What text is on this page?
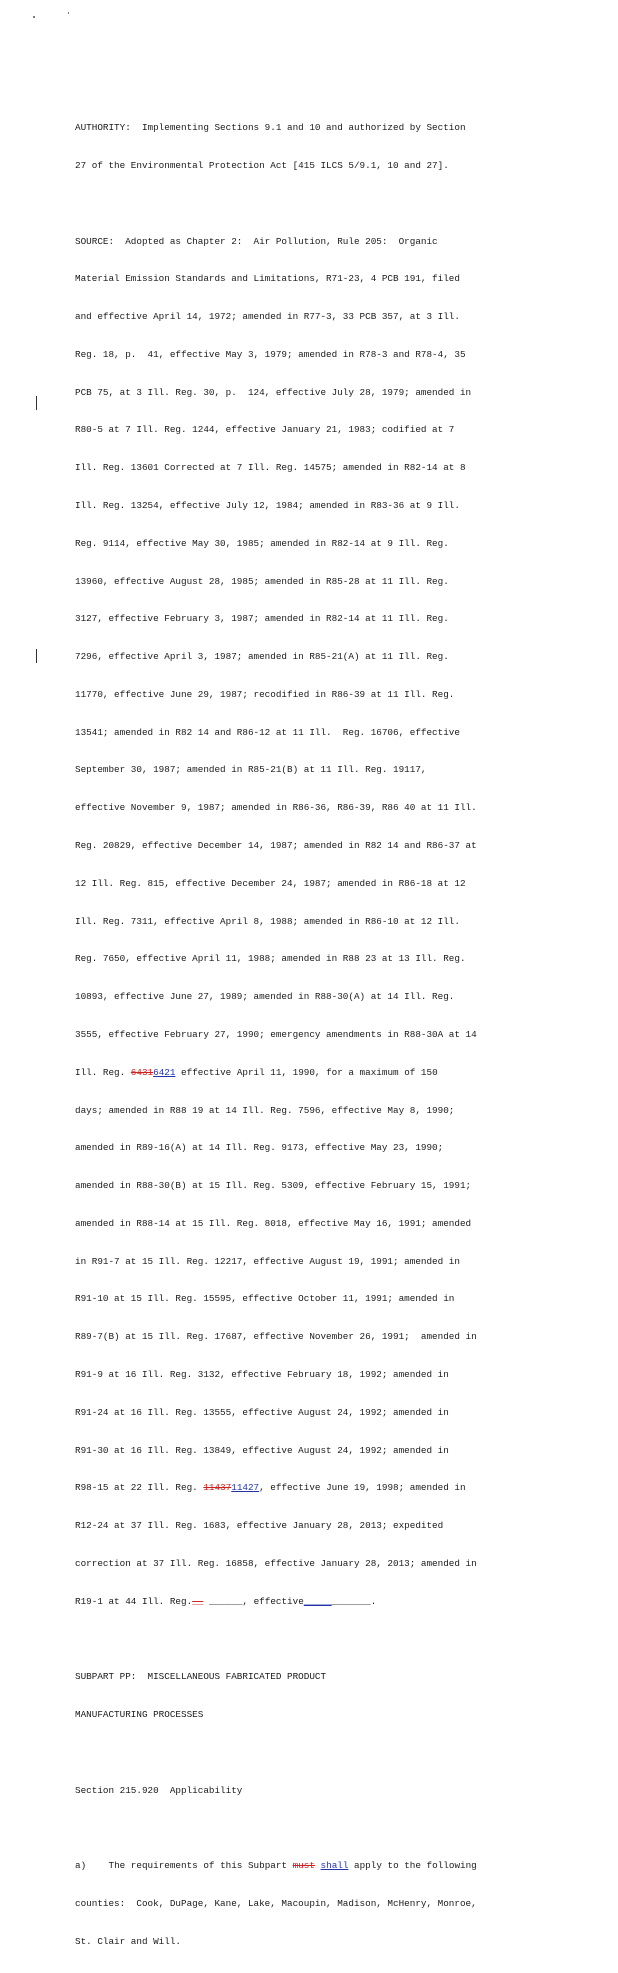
AUTHORITY:  Implementing Sections 9.1 and 10 and authorized by Section

27 of the Environmental Protection Act [415 ILCS 5/9.1, 10 and 27].

SOURCE:  Adopted as Chapter 2:  Air Pollution, Rule 205:  Organic

Material Emission Standards and Limitations, R71-23, 4 PCB 191, filed

and effective April 14, 1972; amended in R77-3, 33 PCB 357, at 3 Ill.

Reg. 18, p.  41, effective May 3, 1979; amended in R78-3 and R78-4, 35

PCB 75, at 3 Ill. Reg. 30, p.  124, effective July 28, 1979; amended in

R80-5 at 7 Ill. Reg. 1244, effective January 21, 1983; codified at 7

Ill. Reg. 13601 Corrected at 7 Ill. Reg. 14575; amended in R82-14 at 8

Ill. Reg. 13254, effective July 12, 1984; amended in R83-36 at 9 Ill.

Reg. 9114, effective May 30, 1985; amended in R82-14 at 9 Ill. Reg.

13960, effective August 28, 1985; amended in R85-28 at 11 Ill. Reg.

3127, effective February 3, 1987; amended in R82-14 at 11 Ill. Reg.

7296, effective April 3, 1987; amended in R85-21(A) at 11 Ill. Reg.

11770, effective June 29, 1987; recodified in R86-39 at 11 Ill. Reg.

13541; amended in R82 14 and R86-12 at 11 Ill.  Reg. 16706, effective

September 30, 1987; amended in R85-21(B) at 11 Ill. Reg. 19117,

effective November 9, 1987; amended in R86-36, R86-39, R86 40 at 11 Ill.

Reg. 20829, effective December 14, 1987; amended in R82 14 and R86-37 at

12 Ill. Reg. 815, effective December 24, 1987; amended in R86-18 at 12

Ill. Reg. 7311, effective April 8, 1988; amended in R86-10 at 12 Ill.

Reg. 7650, effective April 11, 1988; amended in R88 23 at 13 Ill. Reg.

10893, effective June 27, 1989; amended in R88-30(A) at 14 Ill. Reg.

3555, effective February 27, 1990; emergency amendments in R88-30A at 14

Ill. Reg. 64316421 effective April 11, 1990, for a maximum of 150

days; amended in R88 19 at 14 Ill. Reg. 7596, effective May 8, 1990;

amended in R89-16(A) at 14 Ill. Reg. 9173, effective May 23, 1990;

amended in R88-30(B) at 15 Ill. Reg. 5309, effective February 15, 1991;

amended in R88-14 at 15 Ill. Reg. 8018, effective May 16, 1991; amended

in R91-7 at 15 Ill. Reg. 12217, effective August 19, 1991; amended in

R91-10 at 15 Ill. Reg. 15595, effective October 11, 1991; amended in

R89-7(B) at 15 Ill. Reg. 17687, effective November 26, 1991;  amended in

R91-9 at 16 Ill. Reg. 3132, effective February 18, 1992; amended in

R91-24 at 16 Ill. Reg. 13555, effective August 24, 1992; amended in

R91-30 at 16 Ill. Reg. 13849, effective August 24, 1992; amended in

R98-15 at 22 Ill. Reg. 1143711427, effective June 19, 1998; amended in

R12-24 at 37 Ill. Reg. 1683, effective January 28, 2013; expedited

correction at 37 Ill. Reg. 16858, effective January 28, 2013; amended in

R19-1 at 44 Ill. Reg.__ ______, effective____________.

SUBPART PP:  MISCELLANEOUS FABRICATED PRODUCT

MANUFACTURING PROCESSES

Section 215.920  Applicability

a)    The requirements of this Subpart must shall apply to the following

counties:  Cook, DuPage, Kane, Lake, Macoupin, Madison, McHenry, Monroe,

St. Clair and Will.
